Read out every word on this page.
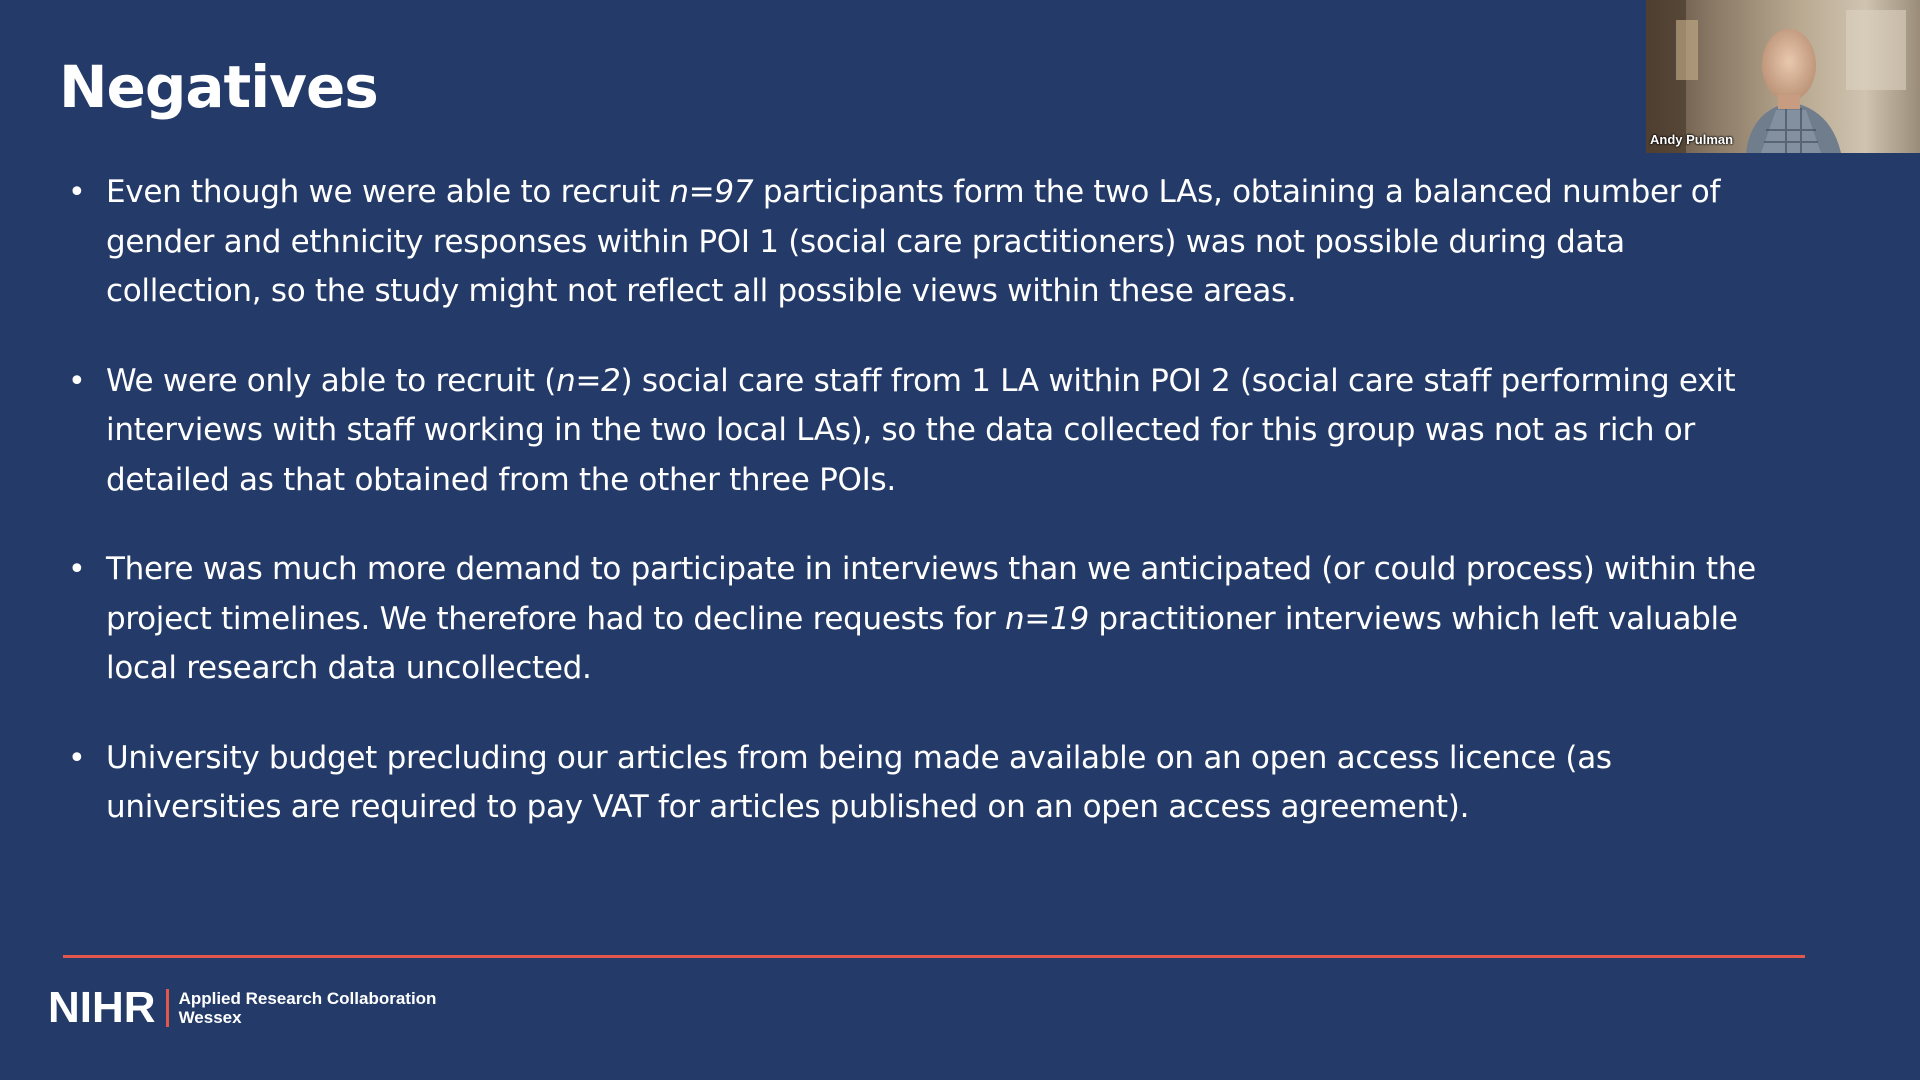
Negatives
• Even though we were able to recruit n=97 participants form the two LAs, obtaining a balanced number of gender and ethnicity responses within POI 1 (social care practitioners) was not possible during data collection, so the study might not reflect all possible views within these areas.
• We were only able to recruit (n=2) social care staff from 1 LA within POI 2 (social care staff performing exit interviews with staff working in the two local LAs), so the data collected for this group was not as rich or detailed as that obtained from the other three POIs.
• There was much more demand to participate in interviews than we anticipated (or could process) within the project timelines. We therefore had to decline requests for n=19 practitioner interviews which left valuable local research data uncollected.
• University budget precluding our articles from being made available on an open access licence (as universities are required to pay VAT for articles published on an open access agreement).
NIHR Applied Research Collaboration
Wessex
Andy Pulman
